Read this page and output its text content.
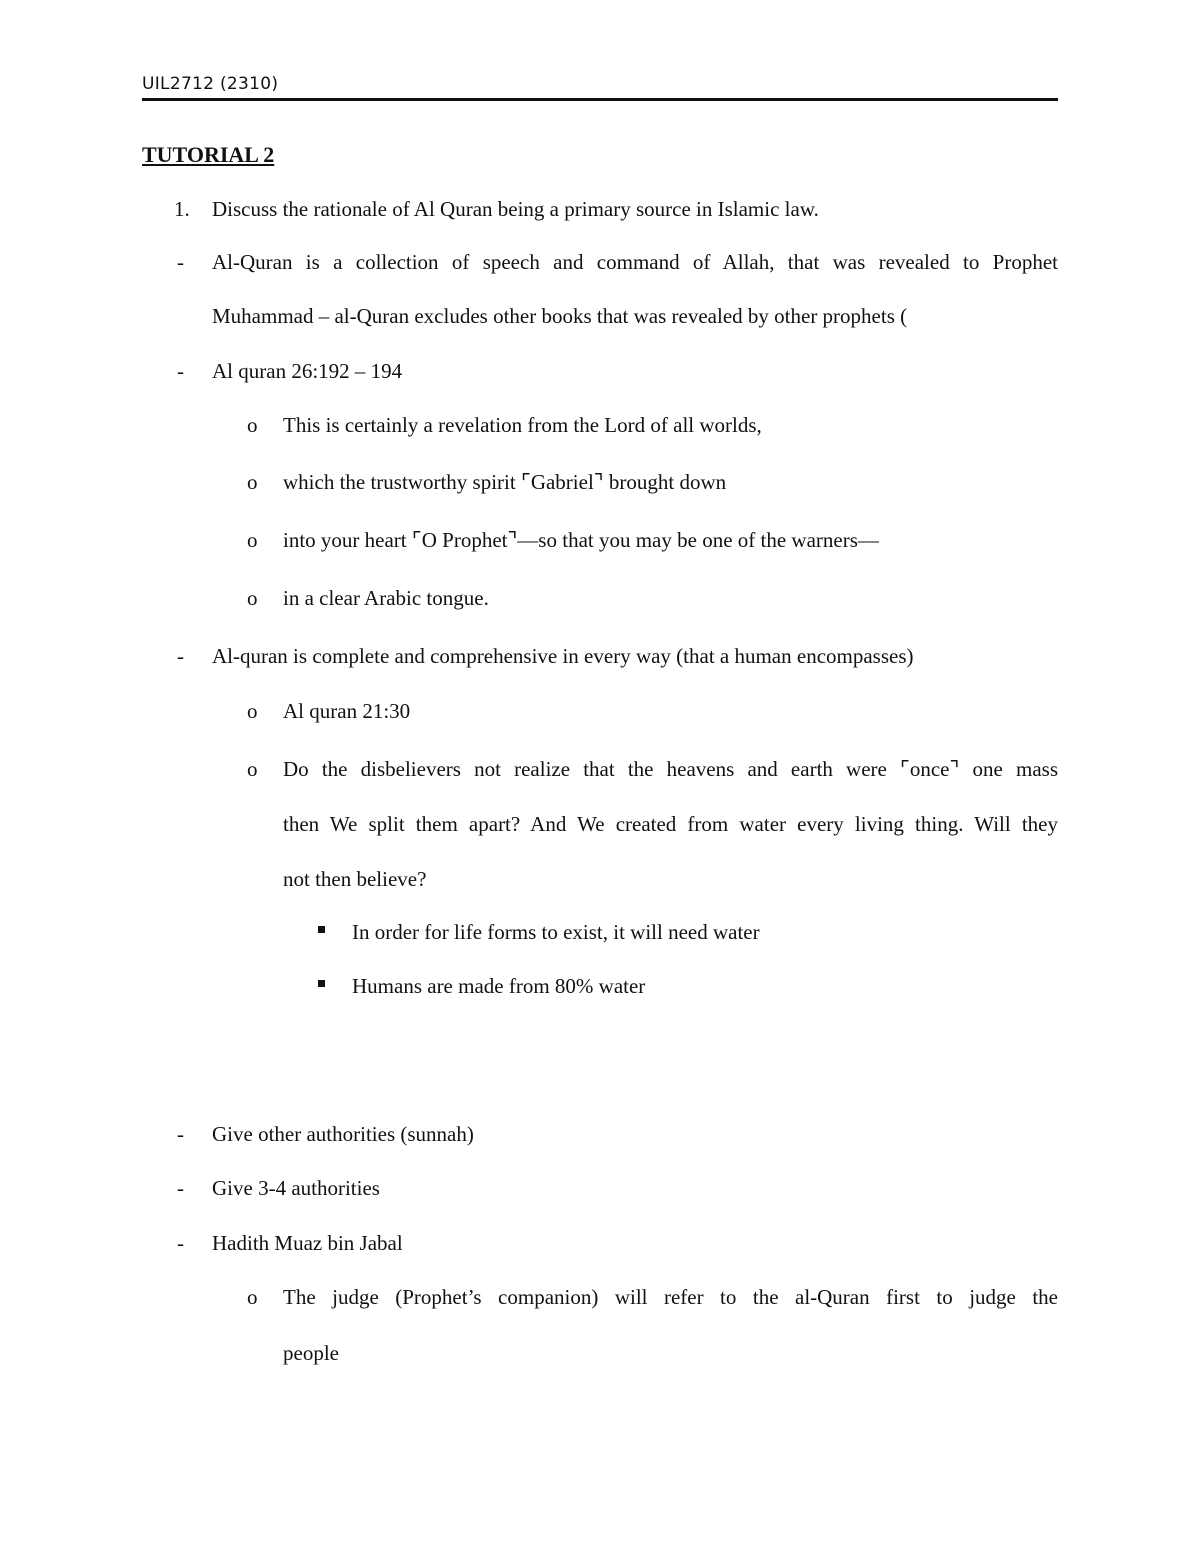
UIL2712 (2310)
TUTORIAL 2
1. Discuss the rationale of Al Quran being a primary source in Islamic law.
- Al-Quran is a collection of speech and command of Allah, that was revealed to Prophet
Muhammad – al-Quran excludes other books that was revealed by other prophets (
- Al quran 26:192 – 194
o This is certainly a revelation from the Lord of all worlds,
o which the trustworthy spirit ⌜Gabriel⌝ brought down
o into your heart ⌜O Prophet⌝—so that you may be one of the warners—
o in a clear Arabic tongue.
- Al-quran is complete and comprehensive in every way (that a human encompasses)
o Al quran 21:30
o Do the disbelievers not realize that the heavens and earth were ⌜once⌝ one mass
then We split them apart? And We created from water every living thing. Will they
not then believe?
In order for life forms to exist, it will need water
Humans are made from 80% water
- Give other authorities (sunnah)
- Give 3-4 authorities
- Hadith Muaz bin Jabal
o The judge (Prophet’s companion) will refer to the al-Quran first to judge the
people
